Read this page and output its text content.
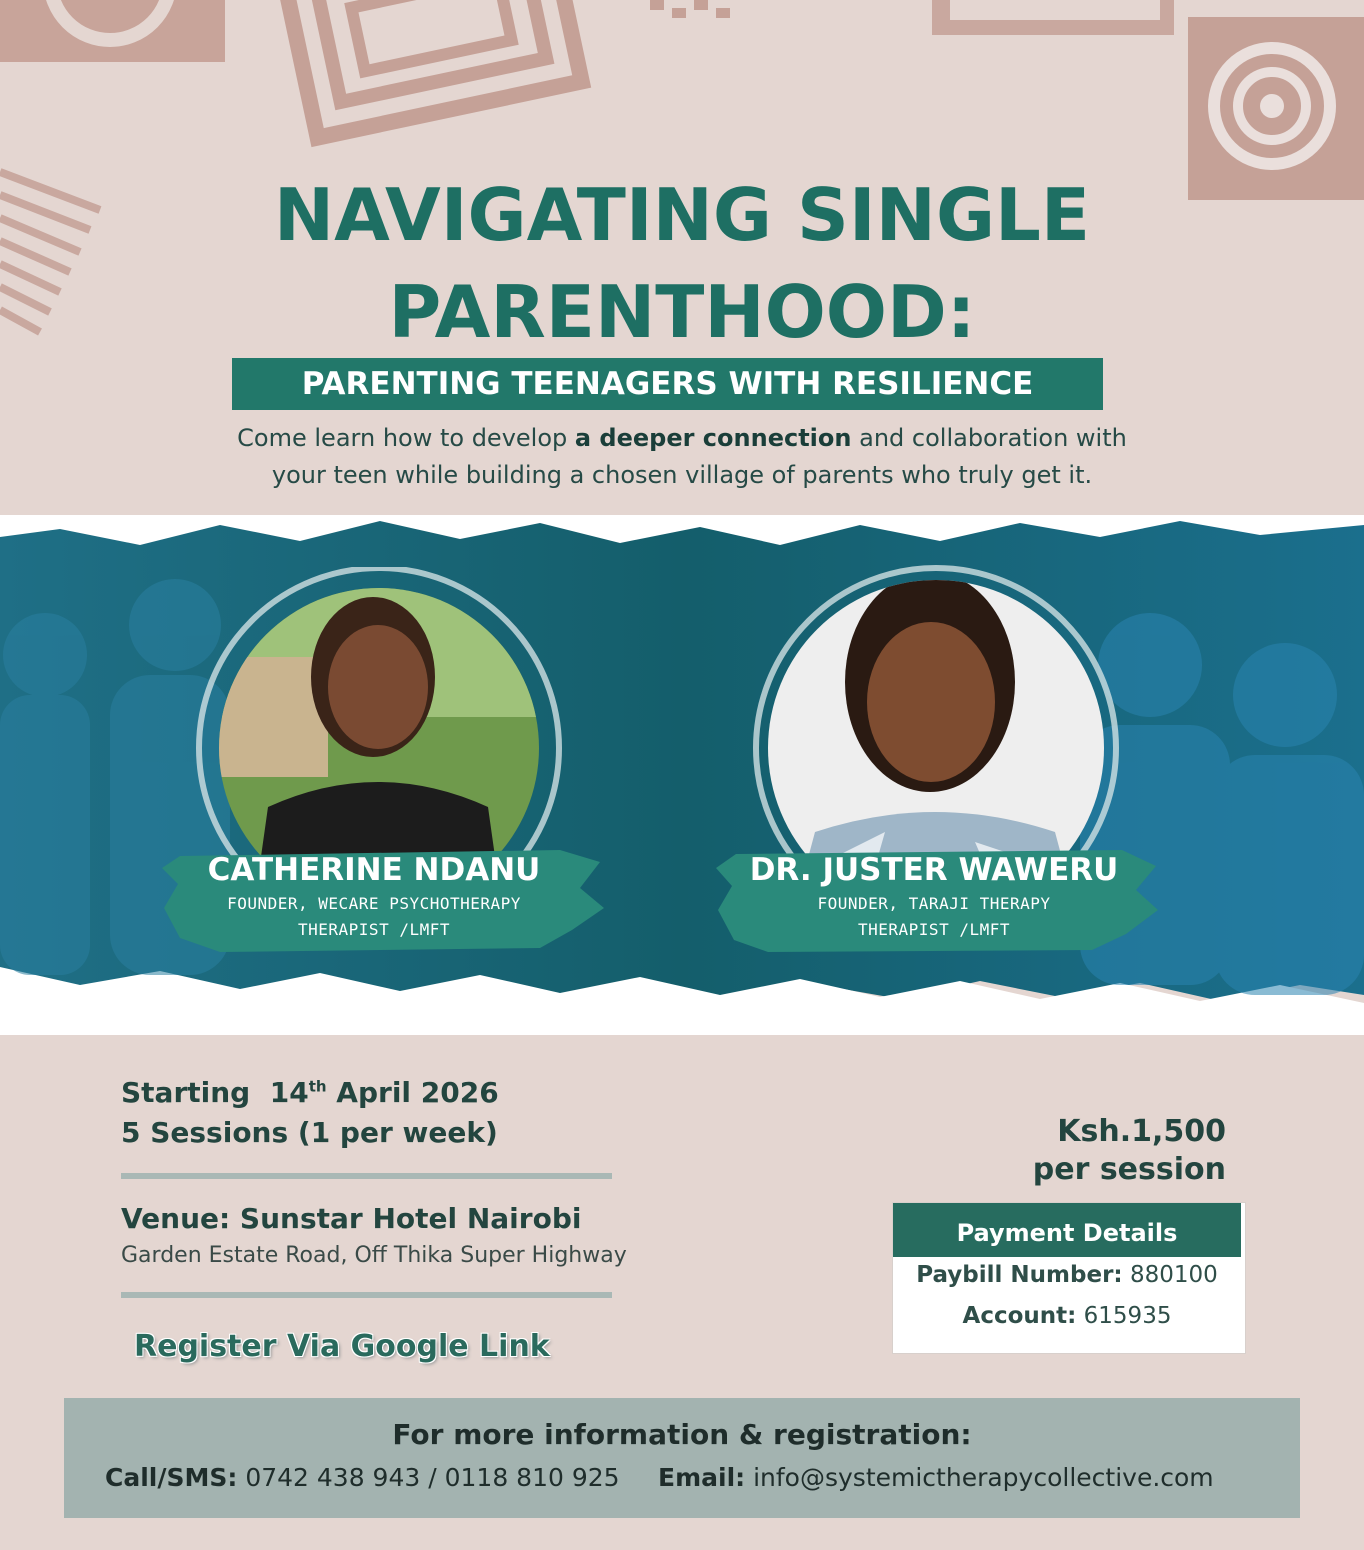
NAVIGATING SINGLE
PARENTHOOD:
PARENTING TEENAGERS WITH RESILIENCE
Come learn how to develop a deeper connection and collaboration with
your teen while building a chosen village of parents who truly get it.
CATHERINE NDANU
FOUNDER, WECARE PSYCHOTHERAPY
THERAPIST /LMFT
DR. JUSTER WAWERU
FOUNDER, TARAJI THERAPY
THERAPIST /LMFT
Starting 14th April 2026
5 Sessions (1 per week)
Venue: Sunstar Hotel Nairobi
Garden Estate Road, Off Thika Super Highway
Register Via Google Link
Ksh.1,500
per session
Payment Details
Paybill Number: 880100
Account: 615935
For more information & registration:
Call/SMS: 0742 438 943 / 0118 810 925 Email: info@systemictherapycollective.com
